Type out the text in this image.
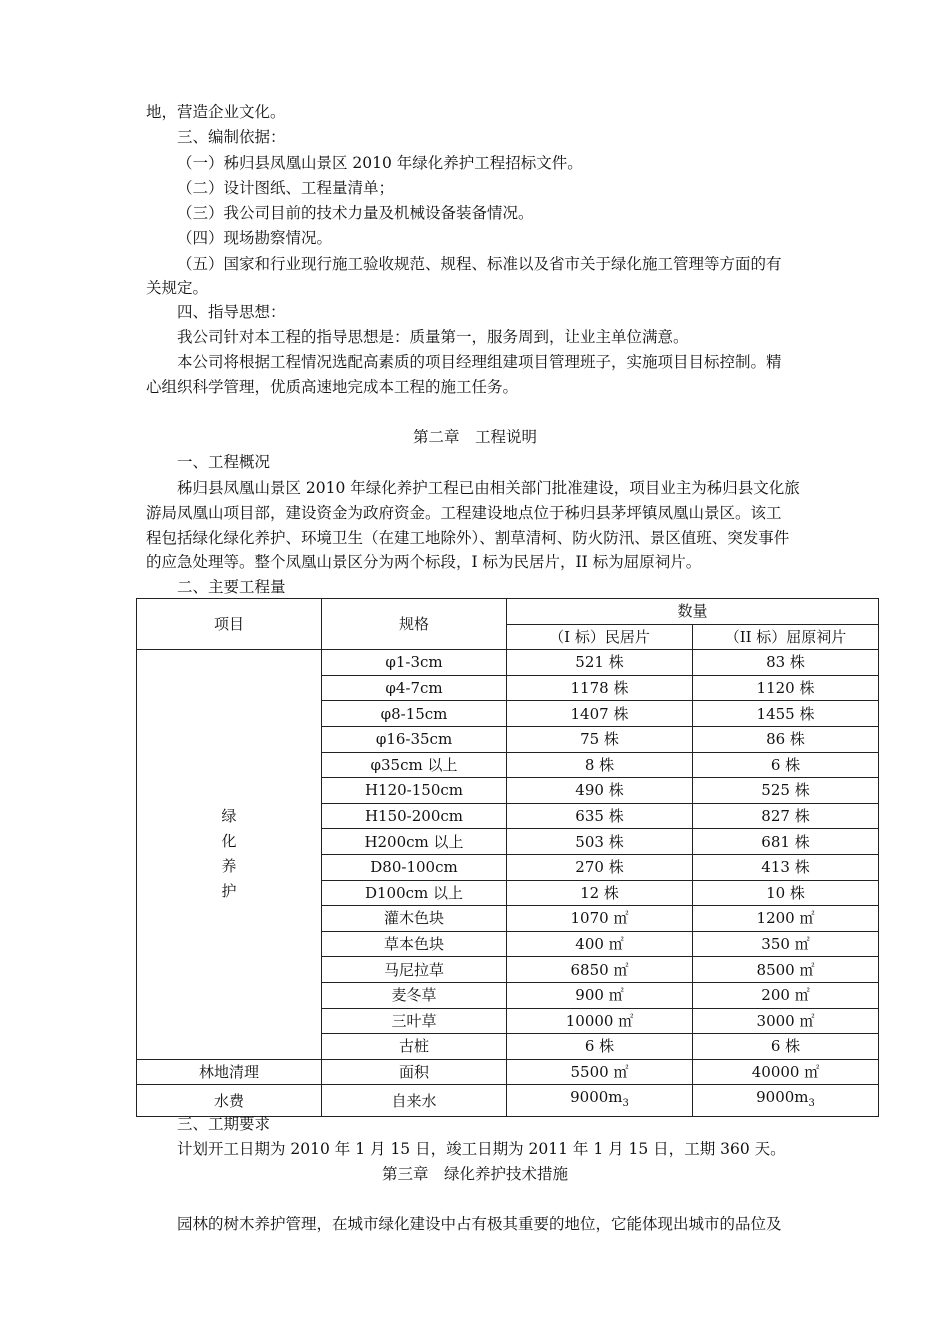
地，营造企业文化。
三、编制依据：
（一）秭归县凤凰山景区 2010 年绿化养护工程招标文件。
（二）设计图纸、工程量清单；
（三）我公司目前的技术力量及机械设备装备情况。
（四）现场勘察情况。
（五）国家和行业现行施工验收规范、规程、标准以及省市关于绿化施工管理等方面的有
关规定。
四、指导思想：
我公司针对本工程的指导思想是：质量第一，服务周到，让业主单位满意。
本公司将根据工程情况选配高素质的项目经理组建项目管理班子，实施项目目标控制。精
心组织科学管理，优质高速地完成本工程的施工任务。
第二章　工程说明
一、工程概况
秭归县凤凰山景区 2010 年绿化养护工程已由相关部门批准建设，项目业主为秭归县文化旅
游局凤凰山项目部，建设资金为政府资金。工程建设地点位于秭归县茅坪镇凤凰山景区。该工
程包括绿化绿化养护、环境卫生（在建工地除外）、割草清柯、防火防汛、景区值班、突发事件
的应急处理等。整个凤凰山景区分为两个标段，I 标为民居片，II 标为屈原祠片。
二、主要工程量
项目	规格	数量	
		（I 标）民居片	（II 标）屈原祠片

绿
化
养
护	φ1-3cm	521 株	83 株
	φ4-7cm	1178 株	1120 株
	φ8-15cm	1407 株	1455 株
	φ16-35cm	75 株	86 株
	φ35cm 以上	8 株	6 株
	H120-150cm	490 株	525 株
	H150-200cm	635 株	827 株
	H200cm 以上	503 株	681 株
	D80-100cm	270 株	413 株
	D100cm 以上	12 株	10 株
	灌木色块	1070 ㎡	1200 ㎡
	草本色块	400 ㎡	350 ㎡
	马尼拉草	6850 ㎡	8500 ㎡
	麦冬草	900 ㎡	200 ㎡
	三叶草	10000 ㎡	3000 ㎡
	古桩	6 株	6 株
林地清理	面积	5500 ㎡	40000 ㎡
水费	自来水	$9000m_3$	$9000m_3$
三、工期要求
计划开工日期为 2010 年 1 月 15 日，竣工日期为 2011 年 1 月 15 日，工期 360 天。
第三章　绿化养护技术措施
园林的树木养护管理，在城市绿化建设中占有极其重要的地位，它能体现出城市的品位及
